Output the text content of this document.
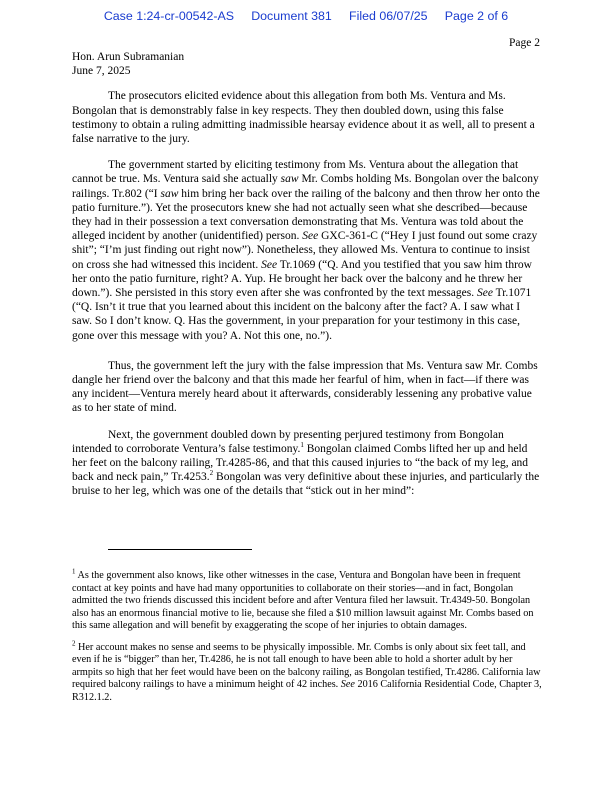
Case 1:24-cr-00542-AS Document 381 Filed 06/07/25 Page 2 of 6
Page 2
Hon. Arun Subramanian
June 7, 2025

The prosecutors elicited evidence about this allegation from both Ms. Ventura and Ms. Bongolan that is demonstrably false in key respects. They then doubled down, using this false testimony to obtain a ruling admitting inadmissible hearsay evidence about it as well, all to present a false narrative to the jury.

The government started by eliciting testimony from Ms. Ventura about the allegation that cannot be true. Ms. Ventura said she actually saw Mr. Combs holding Ms. Bongolan over the balcony railings. Tr.802 (“I saw him bring her back over the railing of the balcony and then throw her onto the patio furniture.”). Yet the prosecutors knew she had not actually seen what she described—because they had in their possession a text conversation demonstrating that Ms. Ventura was told about the alleged incident by another (unidentified) person. See GXC-361-C (“Hey I just found out some crazy shit”; “I’m just finding out right now”). Nonetheless, they allowed Ms. Ventura to continue to insist on cross she had witnessed this incident. See Tr.1069 (“Q. And you testified that you saw him throw her onto the patio furniture, right? A. Yup. He brought her back over the balcony and he threw her down.”). She persisted in this story even after she was confronted by the text messages. See Tr.1071 (“Q. Isn’t it true that you learned about this incident on the balcony after the fact? A. I saw what I saw. So I don’t know. Q. Has the government, in your preparation for your testimony in this case, gone over this message with you? A. Not this one, no.”).

Thus, the government left the jury with the false impression that Ms. Ventura saw Mr. Combs dangle her friend over the balcony and that this made her fearful of him, when in fact—if there was any incident—Ventura merely heard about it afterwards, considerably lessening any probative value as to her state of mind.

Next, the government doubled down by presenting perjured testimony from Bongolan intended to corroborate Ventura’s false testimony.$^1$ Bongolan claimed Combs lifted her up and held her feet on the balcony railing, Tr.4285-86, and that this caused injuries to “the back of my leg, and back and neck pain,” Tr.4253.$^2$ Bongolan was very definitive about these injuries, and particularly the bruise to her leg, which was one of the details that “stick out in her mind”:

$^1$ As the government also knows, like other witnesses in the case, Ventura and Bongolan have been in frequent contact at key points and have had many opportunities to collaborate on their stories—and in fact, Bongolan admitted the two friends discussed this incident before and after Ventura filed her lawsuit. Tr.4349-50. Bongolan also has an enormous financial motive to lie, because she filed a $10 million lawsuit against Mr. Combs based on this same allegation and will benefit by exaggerating the scope of her injuries to obtain damages.

$^2$ Her account makes no sense and seems to be physically impossible. Mr. Combs is only about six feet tall, and even if he is “bigger” than her, Tr.4286, he is not tall enough to have been able to hold a shorter adult by her armpits so high that her feet would have been on the balcony railing, as Bongolan testified, Tr.4286. California law required balcony railings to have a minimum height of 42 inches. See 2016 California Residential Code, Chapter 3, R312.1.2.
